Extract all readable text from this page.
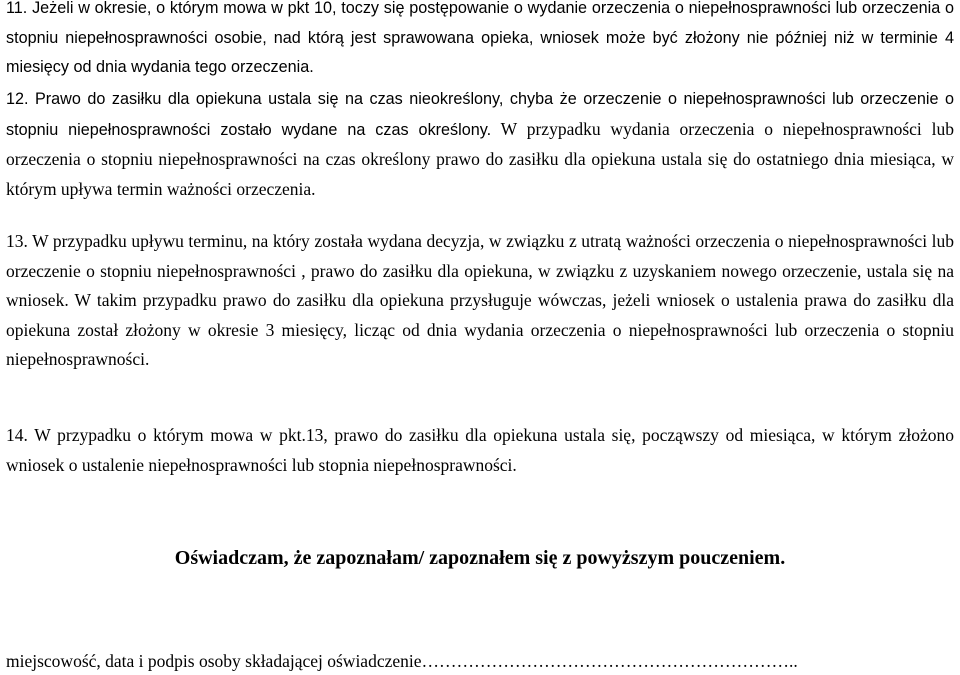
11. Jeżeli w okresie, o którym mowa w pkt 10, toczy się postępowanie o wydanie orzeczenia o niepełnosprawności lub orzeczenia o stopniu niepełnosprawności osobie, nad którą jest sprawowana opieka, wniosek może być złożony nie później niż w terminie 4 miesięcy od dnia wydania tego orzeczenia.

12. Prawo do zasiłku dla opiekuna ustala się na czas nieokreślony, chyba że orzeczenie o niepełnosprawności lub orzeczenie o stopniu niepełnosprawności zostało wydane na czas określony. W przypadku wydania orzeczenia o niepełnosprawności lub orzeczenia o stopniu niepełnosprawności na czas określony prawo do zasiłku dla opiekuna ustala się do ostatniego dnia miesiąca, w którym upływa termin ważności orzeczenia.

13. W przypadku upływu terminu, na który została wydana decyzja, w związku z utratą ważności orzeczenia o niepełnosprawności lub orzeczenie o stopniu niepełnosprawności , prawo do zasiłku dla opiekuna, w związku z uzyskaniem nowego orzeczenie, ustala się na wniosek. W takim przypadku prawo do zasiłku dla opiekuna przysługuje wówczas, jeżeli wniosek o ustalenia prawa do zasiłku dla opiekuna został złożony w okresie 3 miesięcy, licząc od dnia wydania orzeczenia o niepełnosprawności lub orzeczenia o stopniu niepełnosprawności.

14. W przypadku o którym mowa w pkt.13, prawo do zasiłku dla opiekuna ustala się, począwszy od miesiąca, w którym złożono wniosek o ustalenie niepełnosprawności lub stopnia niepełnosprawności.

Oświadczam, że zapoznałam/ zapoznałem się z powyższym pouczeniem.

miejscowość, data i podpis osoby składającej oświadczenie………………………………………………………..
